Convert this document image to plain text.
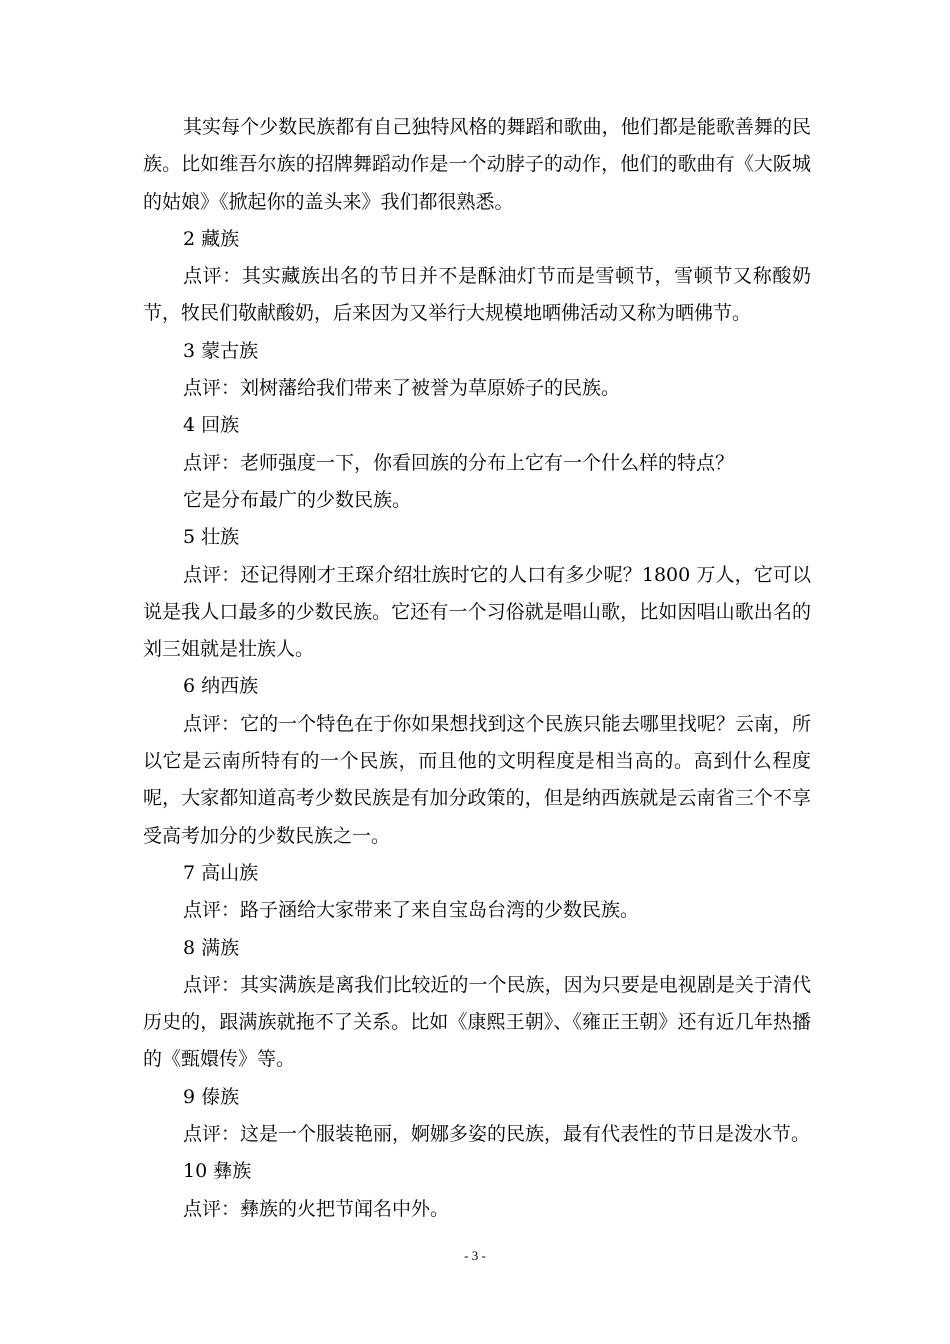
其实每个少数民族都有自己独特风格的舞蹈和歌曲，他们都是能歌善舞的民族。比如维吾尔族的招牌舞蹈动作是一个动脖子的动作，他们的歌曲有《大阪城的姑娘》《掀起你的盖头来》我们都很熟悉。

2 藏族

点评：其实藏族出名的节日并不是酥油灯节而是雪顿节，雪顿节又称酸奶节，牧民们敬献酸奶，后来因为又举行大规模地晒佛活动又称为晒佛节。

3 蒙古族

点评：刘树藩给我们带来了被誉为草原娇子的民族。

4 回族

点评：老师强度一下，你看回族的分布上它有一个什么样的特点？

它是分布最广的少数民族。

5 壮族

点评：还记得刚才王琛介绍壮族时它的人口有多少呢？1800 万人，它可以说是我人口最多的少数民族。它还有一个习俗就是唱山歌，比如因唱山歌出名的刘三姐就是壮族人。

6 纳西族

点评：它的一个特色在于你如果想找到这个民族只能去哪里找呢？云南，所以它是云南所特有的一个民族，而且他的文明程度是相当高的。高到什么程度呢，大家都知道高考少数民族是有加分政策的，但是纳西族就是云南省三个不享受高考加分的少数民族之一。

7 高山族

点评：路子涵给大家带来了来自宝岛台湾的少数民族。

8 满族

点评：其实满族是离我们比较近的一个民族，因为只要是电视剧是关于清代历史的，跟满族就拖不了关系。比如《康熙王朝》、《雍正王朝》还有近几年热播的《甄嬛传》等。

9 傣族

点评：这是一个服装艳丽，婀娜多姿的民族，最有代表性的节日是泼水节。

10 彝族

点评：彝族的火把节闻名中外。

- 3 -
